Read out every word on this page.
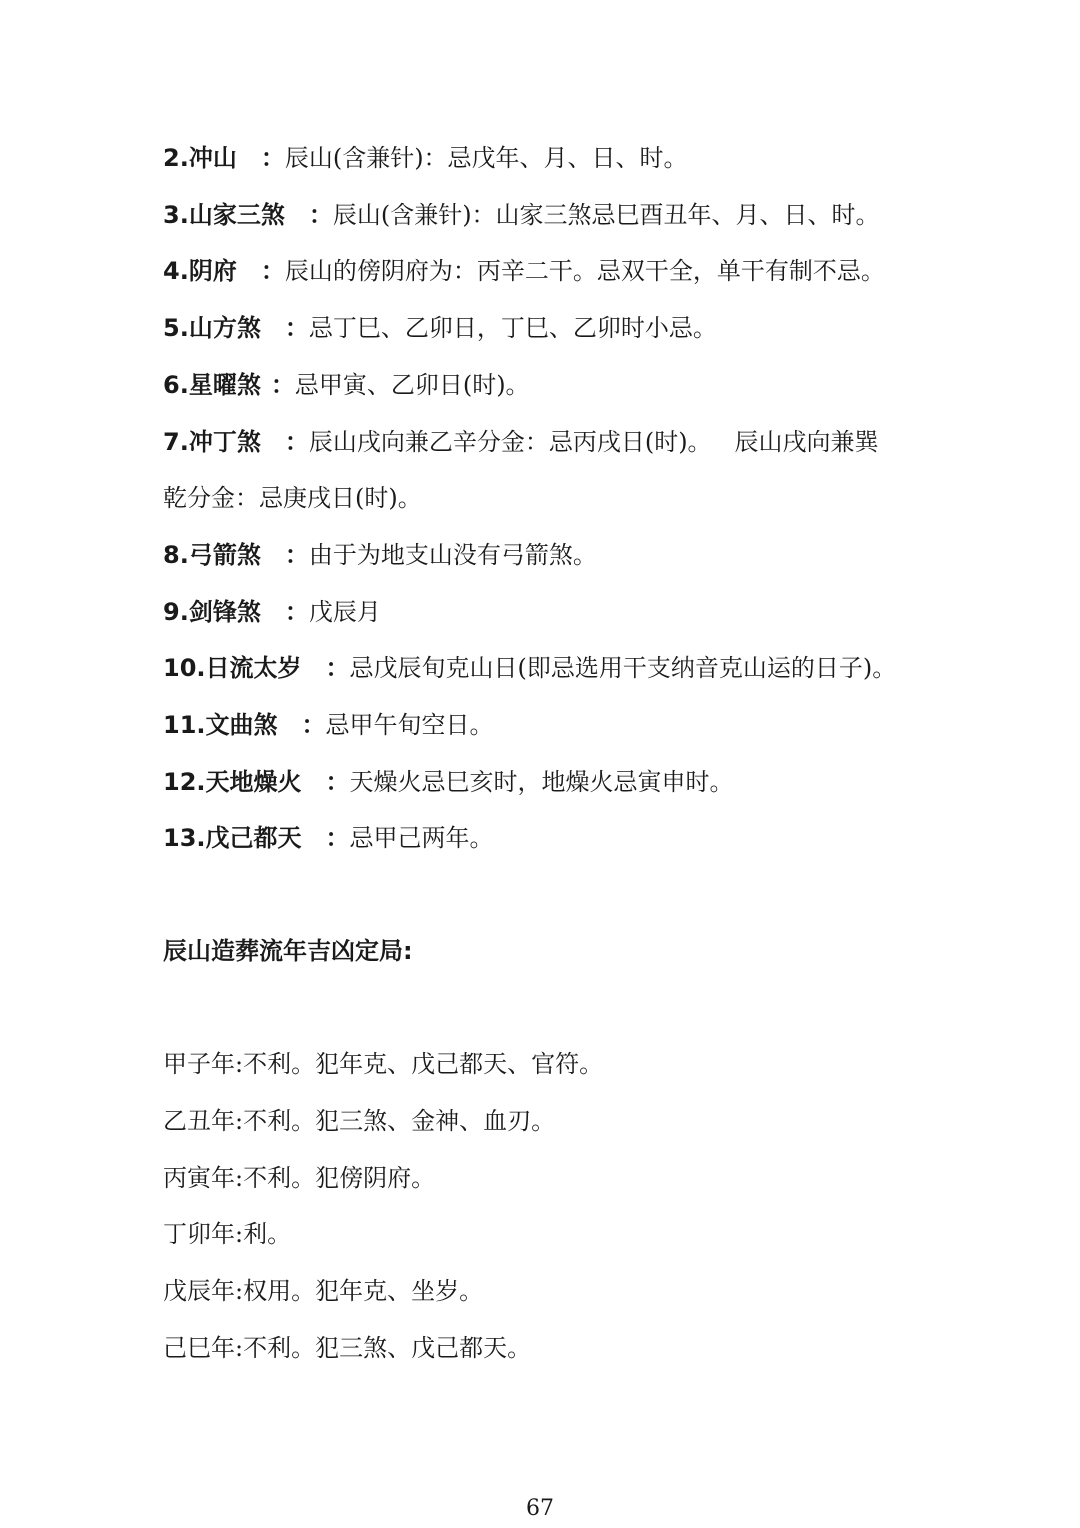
2.冲山 ：辰山(含兼针)：忌戊年、月、日、时。
3.山家三煞 ：辰山(含兼针)：山家三煞忌巳酉丑年、月、日、时。
4.阴府 ：辰山的傍阴府为：丙辛二干。忌双干全，单干有制不忌。
5.山方煞 ：忌丁巳、乙卯日，丁巳、乙卯时小忌。
6.星曜煞 ：忌甲寅、乙卯日(时)。
7.冲丁煞 ：辰山戌向兼乙辛分金：忌丙戌日(时)。   辰山戌向兼巽
乾分金：忌庚戌日(时)。
8.弓箭煞 ：由于为地支山没有弓箭煞。
9.剑锋煞 ：戊辰月
10.日流太岁 ：忌戊辰旬克山日(即忌选用干支纳音克山运的日子)。
11.文曲煞 ：忌甲午旬空日。
12.天地燥火 ：天燥火忌巳亥时，地燥火忌寅申时。
13.戊己都天 ：忌甲己两年。
辰山造葬流年吉凶定局:
甲子年:不利。犯年克、戊己都天、官符。
乙丑年:不利。犯三煞、金神、血刃。
丙寅年:不利。犯傍阴府。
丁卯年:利。
戊辰年:权用。犯年克、坐岁。
己巳年:不利。犯三煞、戊己都天。
67
